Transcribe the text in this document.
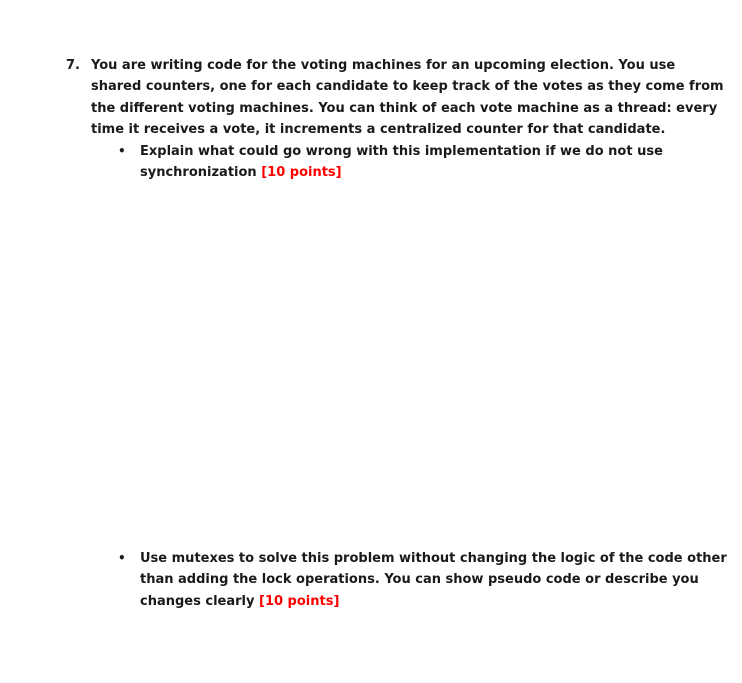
7. You are writing code for the voting machines for an upcoming election. You use
shared counters, one for each candidate to keep track of the votes as they come from
the different voting machines. You can think of each vote machine as a thread: every
time it receives a vote, it increments a centralized counter for that candidate.
•	Explain what could go wrong with this implementation if we do not use
synchronization [10 points]
•	Use mutexes to solve this problem without changing the logic of the code other
than adding the lock operations. You can show pseudo code or describe you
changes clearly [10 points]
